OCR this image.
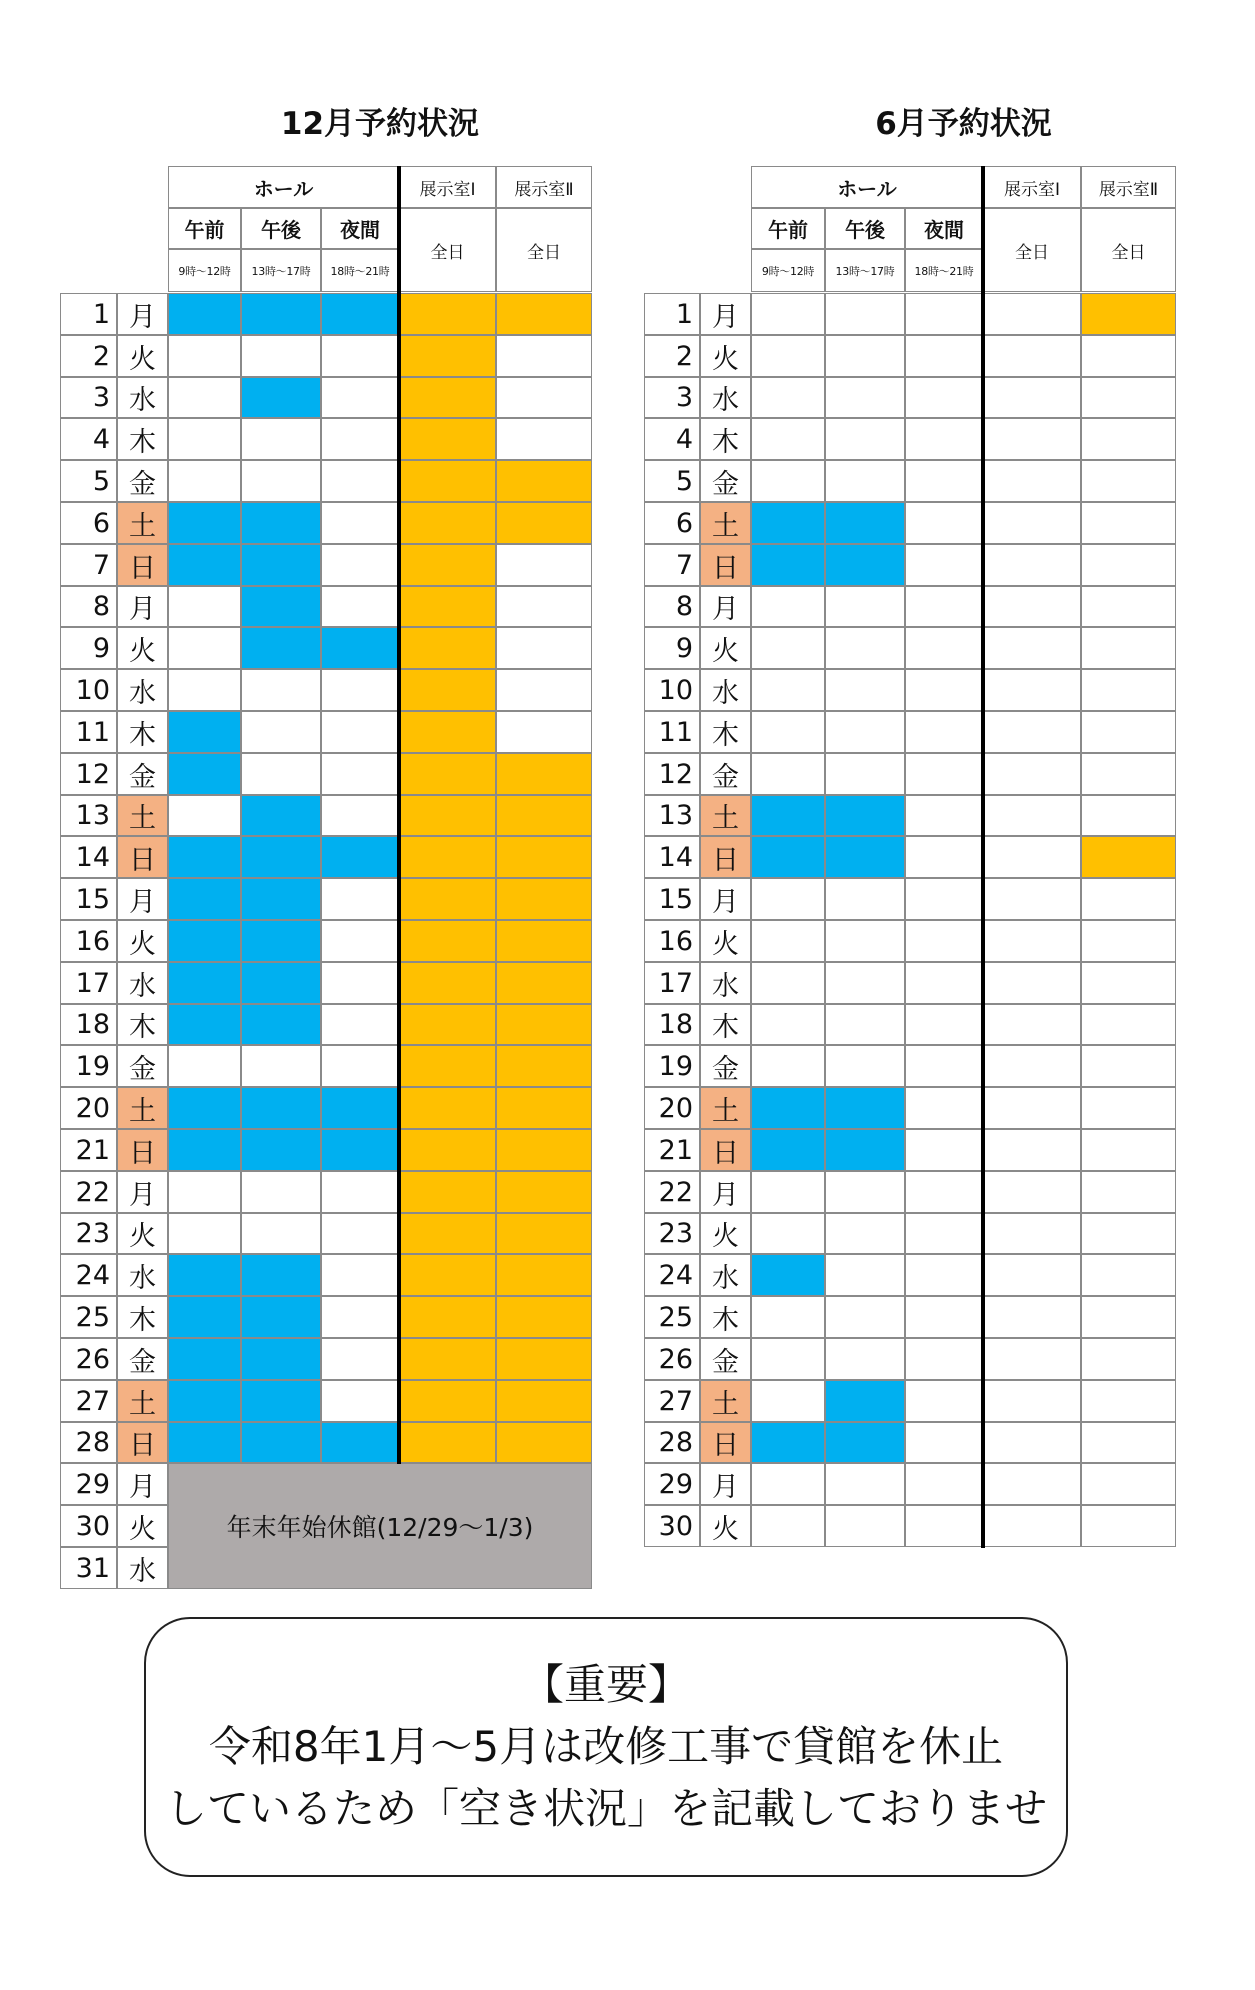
12月予約状況
ホール	展示室Ⅰ	展示室Ⅱ
午前	午後	夜間
9時～12時	13時～17時	18時～21時
全日	全日
1 月
2 火
3 水
4 木
5 金
6 土
7 日
8 月
9 火
10 水
11 木
12 金
13 土
14 日
15 月
16 火
17 水
18 木
19 金
20 土
21 日
22 月
23 火
24 水
25 木
26 金
27 土
28 日
29 月
30 火
31 水
年末年始休館(12/29～1/3)
6月予約状況
ホール	展示室Ⅰ	展示室Ⅱ
午前	午後	夜間
9時～12時	13時～17時	18時～21時
全日	全日
1 月
2 火
3 水
4 木
5 金
6 土
7 日
8 月
9 火
10 水
11 木
12 金
13 土
14 日
15 月
16 火
17 水
18 木
19 金
20 土
21 日
22 月
23 火
24 水
25 木
26 金
27 土
28 日
29 月
30 火
【重要】
令和8年1月～5月は改修工事で貸館を休止
しているため「空き状況」を記載しておりませ
